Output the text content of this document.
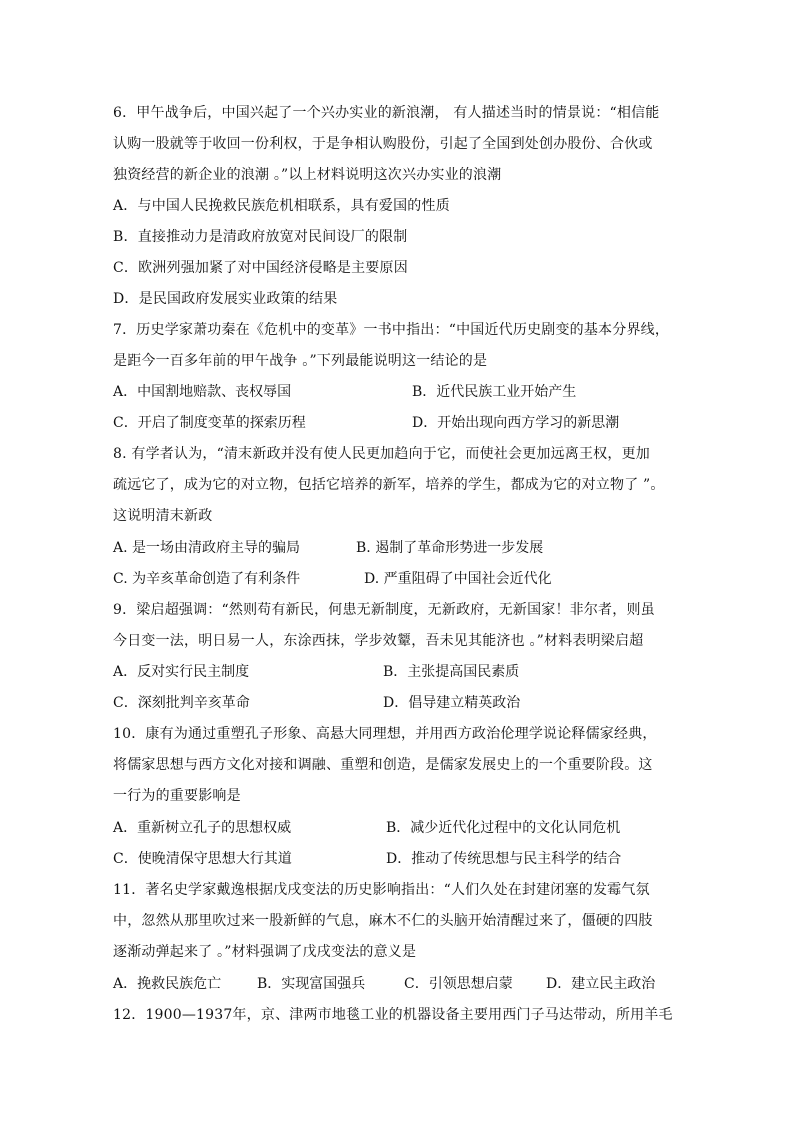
6．甲午战争后，中国兴起了一个兴办实业的新浪潮， 有人描述当时的情景说：“相信能
认购一股就等于收回一份利权，于是争相认购股份，引起了全国到处创办股份、合伙或
独资经营的新企业的浪潮 。”以上材料说明这次兴办实业的浪潮
A．与中国人民挽救民族危机相联系，具有爱国的性质
B．直接推动力是清政府放宽对民间设厂的限制
C．欧洲列强加紧了对中国经济侵略是主要原因
D．是民国政府发展实业政策的结果
7．历史学家萧功秦在《危机中的变革》一书中指出：“中国近代历史剧变的基本分界线，
是距今一百多年前的甲午战争 。”下列最能说明这一结论的是
A．中国割地赔款、丧权辱国	B．近代民族工业开始产生
C．开启了制度变革的探索历程	D．开始出现向西方学习的新思潮
8. 有学者认为，“清末新政并没有使人民更加趋向于它，而使社会更加远离王权，更加
疏远它了，成为它的对立物，包括它培养的新军，培养的学生，都成为它的对立物了 ”。
这说明清末新政
A. 是一场由清政府主导的骗局	B. 遏制了革命形势进一步发展
C. 为辛亥革命创造了有利条件	D. 严重阻碍了中国社会近代化
9．梁启超强调：“然则苟有新民，何患无新制度，无新政府，无新国家！非尔者，则虽
今日变一法，明日易一人，东涂西抹，学步效颦，吾未见其能济也 。”材料表明梁启超
A．反对实行民主制度	B．主张提高国民素质
C．深刻批判辛亥革命	D．倡导建立精英政治
10．康有为通过重塑孔子形象、高悬大同理想，并用西方政治伦理学说论释儒家经典，
将儒家思想与西方文化对接和调融、重塑和创造，是儒家发展史上的一个重要阶段。这
一行为的重要影响是
A．重新树立孔子的思想权威	B．减少近代化过程中的文化认同危机
C．使晚清保守思想大行其道	D．推动了传统思想与民主科学的结合
11．著名史学家戴逸根据戊戌变法的历史影响指出：“人们久处在封建闭塞的发霉气氛
中，忽然从那里吹过来一股新鲜的气息，麻木不仁的头脑开始清醒过来了，僵硬的四肢
逐渐动弹起来了 。”材料强调了戊戌变法的意义是
A．挽救民族危亡	B．实现富国强兵	C．引领思想启蒙 D．建立民主政治
12．1900—1937年，京、津两市地毯工业的机器设备主要用西门子马达带动，所用羊毛
